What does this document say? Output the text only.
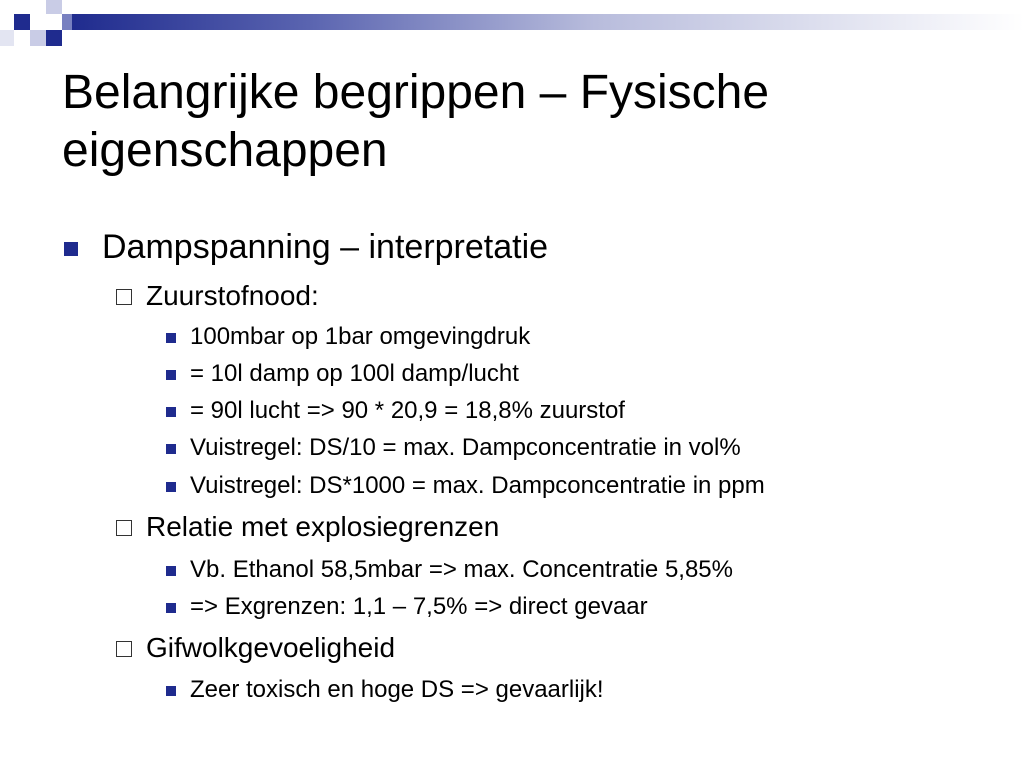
Belangrijke begrippen – Fysische eigenschappen
Dampspanning – interpretatie
Zuurstofnood:
100mbar op 1bar omgevingdruk
= 10l damp op 100l damp/lucht
= 90l lucht => 90 * 20,9 = 18,8% zuurstof
Vuistregel: DS/10 = max. Dampconcentratie in vol%
Vuistregel: DS*1000 = max. Dampconcentratie in ppm
Relatie met explosiegrenzen
Vb. Ethanol 58,5mbar => max. Concentratie 5,85%
=> Exgrenzen: 1,1 – 7,5% => direct gevaar
Gifwolkgevoeligheid
Zeer toxisch en hoge DS => gevaarlijk!
